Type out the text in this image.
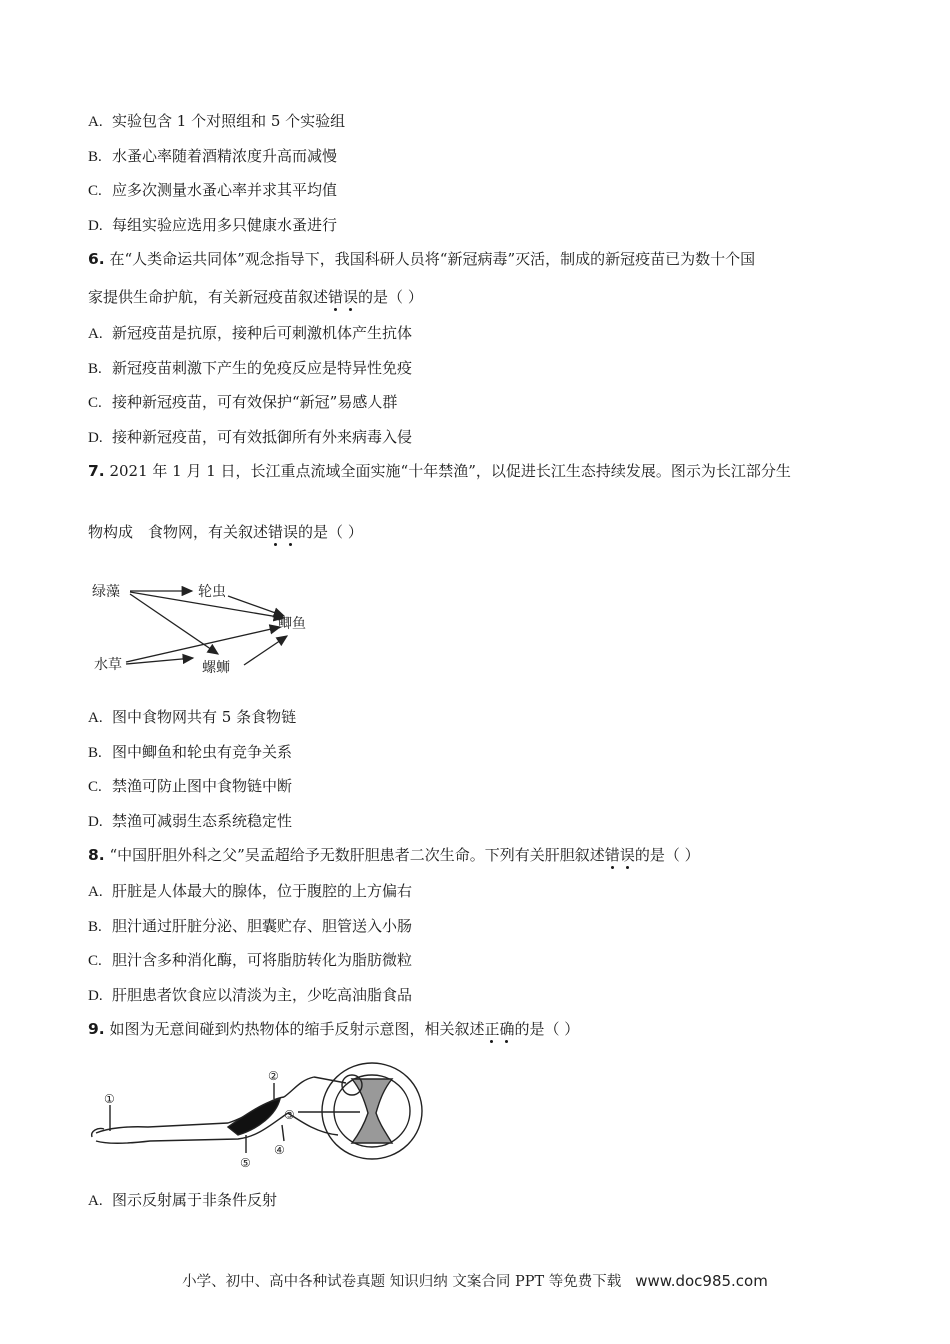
A. 实验包含 1 个对照组和 5 个实验组
B. 水蚤心率随着酒精浓度升高而减慢
C. 应多次测量水蚤心率并求其平均值
D. 每组实验应选用多只健康水蚤进行
6. 在“人类命运共同体”观念指导下，我国科研人员将“新冠病毒”灭活，制成的新冠疫苗已为数十个国
家提供生命护航，有关新冠疫苗叙述错误的是（ ）
A. 新冠疫苗是抗原，接种后可刺激机体产生抗体
B. 新冠疫苗刺激下产生的免疫反应是特异性免疫
C. 接种新冠疫苗，可有效保护“新冠”易感人群
D. 接种新冠疫苗，可有效抵御所有外来病毒入侵
7. 2021 年 1 月 1 日，长江重点流域全面实施“十年禁渔”，以促进长江生态持续发展。图示为长江部分生
物构成　食物网，有关叙述错误的是（ ）
绿藻	轮虫
鲫鱼
水草	螺蛳
A. 图中食物网共有 5 条食物链
B. 图中鲫鱼和轮虫有竞争关系
C. 禁渔可防止图中食物链中断
D. 禁渔可减弱生态系统稳定性
8. “中国肝胆外科之父”吴孟超给予无数肝胆患者二次生命。下列有关肝胆叙述错误的是（ ）
A. 肝脏是人体最大的腺体，位于腹腔的上方偏右
B. 胆汁通过肝脏分泌、胆囊贮存、胆管送入小肠
C. 胆汁含多种消化酶，可将脂肪转化为脂肪微粒
D. 肝胆患者饮食应以清淡为主，少吃高油脂食品
9. 如图为无意间碰到灼热物体的缩手反射示意图，相关叙述正确的是（ ）
①
②
③
④
⑤
A. 图示反射属于非条件反射
小学、初中、高中各种试卷真题 知识归纳 文案合同 PPT 等免费下载 www.doc985.com
